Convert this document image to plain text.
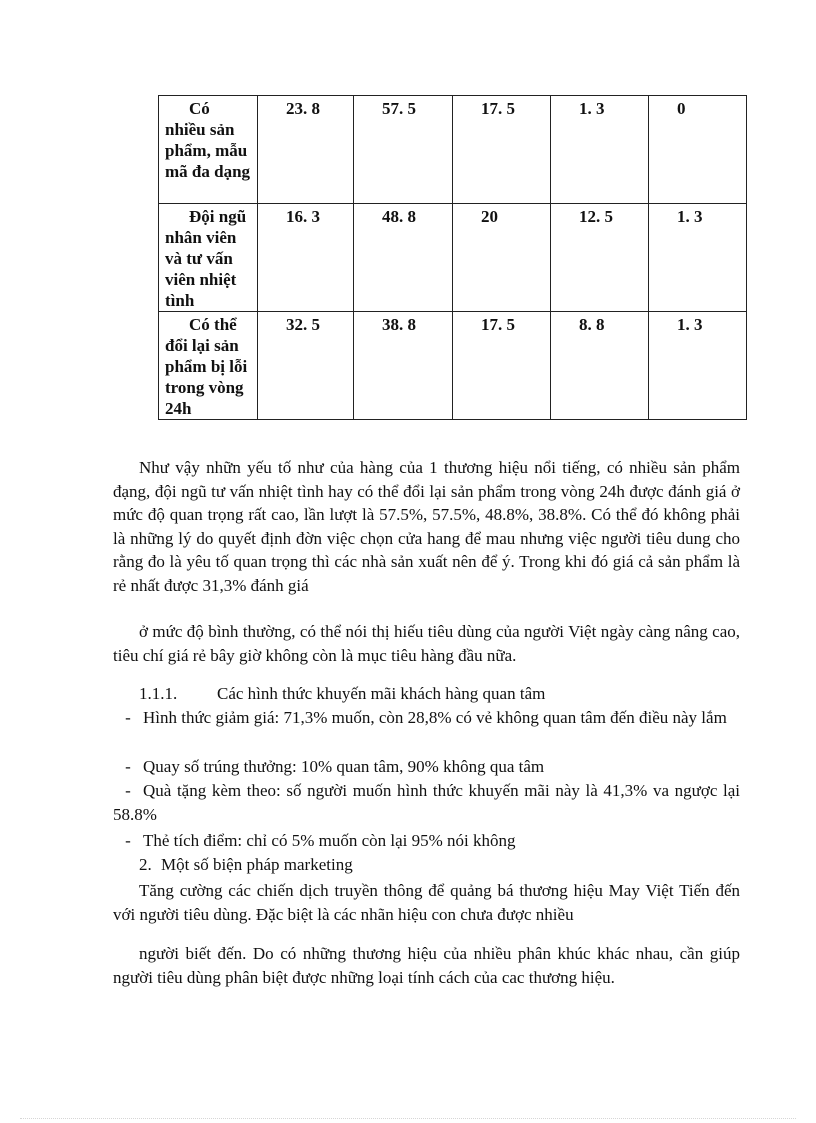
Có nhiều sản phẩm, mẫu mã đa dạng	23. 8	57. 5	17. 5	1. 3	0

Đội ngũ nhân viên và tư vấn viên nhiệt tình	16. 3	48. 8	20	12. 5	1. 3

Có thể đổi lại sản phẩm bị lỗi trong vòng 24h	32. 5	38. 8	17. 5	8. 8	1. 3

Như vậy nhữn yếu tố như của hàng của 1 thương hiệu nổi tiếng, có nhiều sản phẩm đạng, đội ngũ tư vấn nhiệt tình hay có thể đổi lại sản phẩm trong vòng 24h được đánh giá ở mức độ quan trọng rất cao, lần lượt là 57.5%, 57.5%, 48.8%, 38.8%. Có thể đó không phải là những lý do quyết định đờn việc chọn cửa hang để mau nhưng việc người tiêu dung cho rằng đo là yêu tố quan trọng thì các nhà sản xuất nên để ý. Trong khi đó giá cả sản phẩm là rẻ nhất được 31,3% đánh giá

ở mức độ bình thường, có thể nói thị hiếu tiêu dùng của người Việt ngày càng nâng cao, tiêu chí giá rẻ bây giờ không còn là mục tiêu hàng đầu nữa.

1.1.1. Các hình thức khuyến mãi khách hàng quan tâm

- Hình thức giảm giá: 71,3% muốn, còn 28,8% có vẻ không quan tâm đến điều này lắm

- Quay số trúng thưởng: 10% quan tâm, 90% không qua tâm

- Quà tặng kèm theo: số người muốn hình thức khuyến mãi này là 41,3% va ngược lại 58.8%

- Thẻ tích điểm: chỉ có 5% muốn còn lại 95% nói không

2. Một số biện pháp marketing

Tăng cường các chiến dịch truyền thông để quảng bá thương hiệu May Việt Tiến đến với người tiêu dùng. Đặc biệt là các nhãn hiệu con chưa được nhiều

người biết đến. Do có những thương hiệu của nhiều phân khúc khác nhau, cần giúp người tiêu dùng phân biệt được những loại tính cách của cac thương hiệu.
